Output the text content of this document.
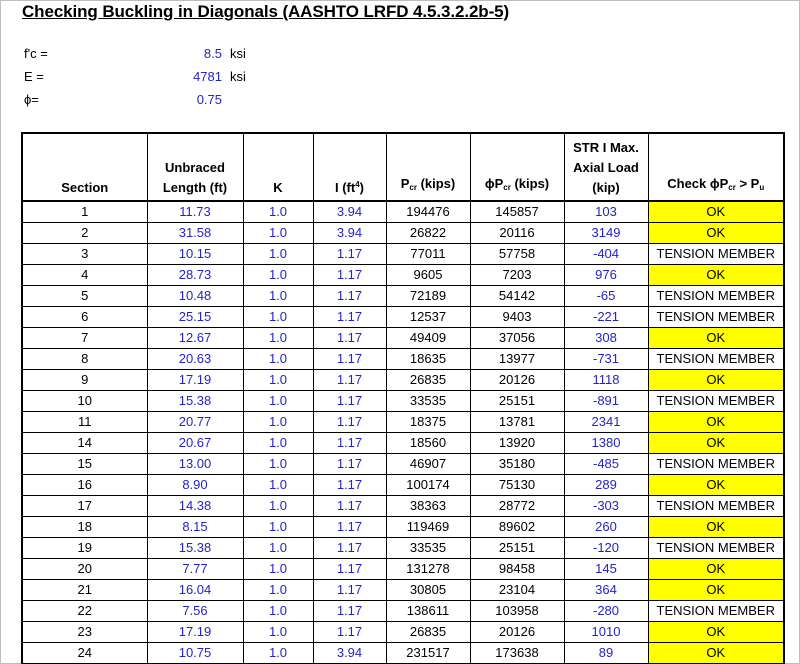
Checking Buckling in Diagonals (AASHTO LRFD 4.5.3.2.2b-5)
f'c =	8.5 ksi
E =	4781 ksi
ϕ=	0.75
Section	Unbraced Length (ft)	K	I $(ft^4)$	$P_{cr}$ (kips)	$\phi P_{cr}$ (kips)	STR I Max. Axial Load (kip)	Check $\phi P_{cr} > P_u$
1	11.73	1.0	3.94	194476	145857	103	OK
2	31.58	1.0	3.94	26822	20116	3149	OK
3	10.15	1.0	1.17	77011	57758	-404	TENSION MEMBER
4	28.73	1.0	1.17	9605	7203	976	OK
5	10.48	1.0	1.17	72189	54142	-65	TENSION MEMBER
6	25.15	1.0	1.17	12537	9403	-221	TENSION MEMBER
7	12.67	1.0	1.17	49409	37056	308	OK
8	20.63	1.0	1.17	18635	13977	-731	TENSION MEMBER
9	17.19	1.0	1.17	26835	20126	1118	OK
10	15.38	1.0	1.17	33535	25151	-891	TENSION MEMBER
11	20.77	1.0	1.17	18375	13781	2341	OK
14	20.67	1.0	1.17	18560	13920	1380	OK
15	13.00	1.0	1.17	46907	35180	-485	TENSION MEMBER
16	8.90	1.0	1.17	100174	75130	289	OK
17	14.38	1.0	1.17	38363	28772	-303	TENSION MEMBER
18	8.15	1.0	1.17	119469	89602	260	OK
19	15.38	1.0	1.17	33535	25151	-120	TENSION MEMBER
20	7.77	1.0	1.17	131278	98458	145	OK
21	16.04	1.0	1.17	30805	23104	364	OK
22	7.56	1.0	1.17	138611	103958	-280	TENSION MEMBER
23	17.19	1.0	1.17	26835	20126	1010	OK
24	10.75	1.0	3.94	231517	173638	89	OK
